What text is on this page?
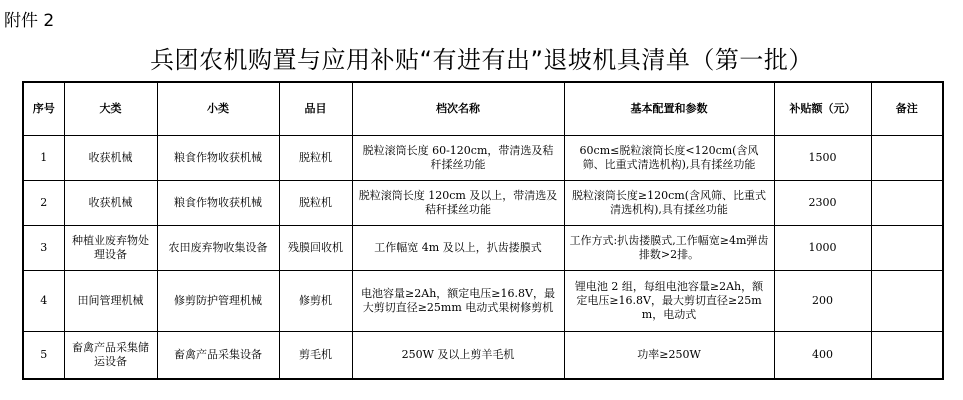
附件 2
兵团农机购置与应用补贴“有进有出”退坡机具清单（第一批）
序号	大类	小类	品目	档次名称	基本配置和参数	补贴额（元）	备注
1	收获机械	粮食作物收获机械	脱粒机	脱粒滚筒长度 60-120cm，带清选及秸秆揉丝功能	60cm≤脱粒滚筒长度<120cm(含风筛、比重式清选机构),具有揉丝功能	1500	
2	收获机械	粮食作物收获机械	脱粒机	脱粒滚筒长度 120cm 及以上，带清选及秸秆揉丝功能	脱粒滚筒长度≥120cm(含风筛、比重式清选机构),具有揉丝功能	2300	
3	种植业废弃物处理设备	农田废弃物收集设备	残膜回收机	工作幅宽 4m 及以上，扒齿搂膜式	工作方式:扒齿搂膜式,工作幅宽≥4m弹齿排数>2排。	1000	
4	田间管理机械	修剪防护管理机械	修剪机	电池容量≥2Ah，额定电压≥16.8V，最大剪切直径≥25mm 电动式果树修剪机	锂电池 2 组，每组电池容量≥2Ah，额定电压≥16.8V，最大剪切直径≥25mm，电动式	200	
5	畜禽产品采集储运设备	畜禽产品采集设备	剪毛机	250W 及以上剪羊毛机	功率≥250W	400	
